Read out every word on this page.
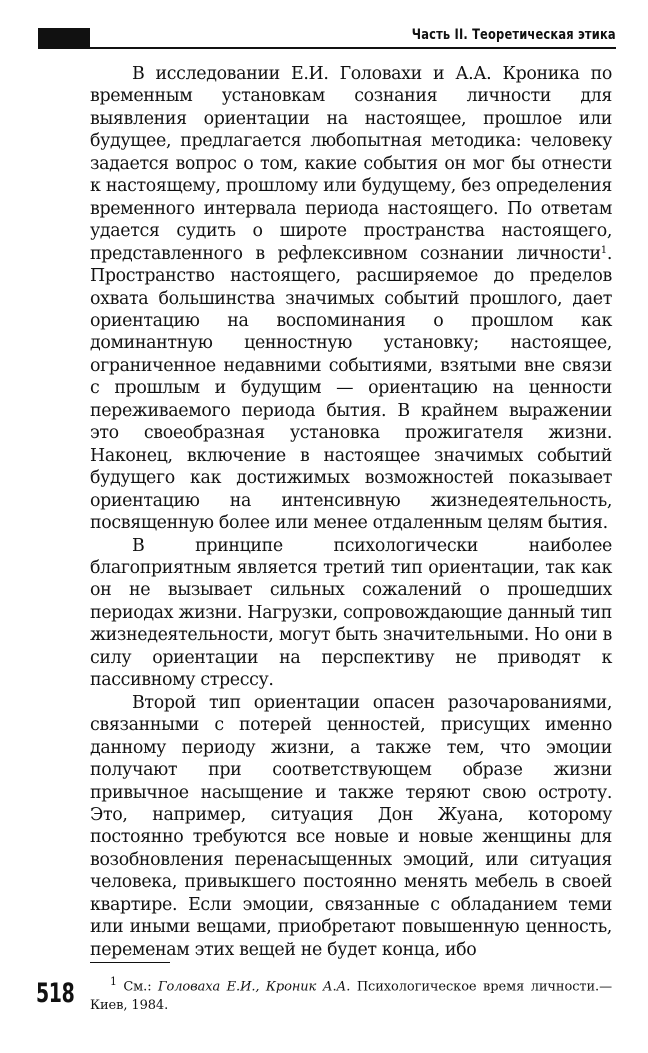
Часть II. Теоретическая этика

В исследовании Е.И. Головахи и А.А. Кроника по временным установкам сознания личности для выявления ориентации на настоящее, прошлое или будущее, предлагается любопытная методика: человеку задается вопрос о том, какие события он мог бы отнести к настоящему, прошлому или будущему, без определения временного интервала периода настоящего. По ответам удается судить о широте пространства настоящего, представленного в рефлексивном сознании личности$^1$. Пространство настоящего, расширяемое до пределов охвата большинства значимых событий прошлого, дает ориентацию на воспоминания о прошлом как доминантную ценностную установку; настоящее, ограниченное недавними событиями, взятыми вне связи с прошлым и будущим — ориентацию на ценности переживаемого периода бытия. В крайнем выражении это своеобразная установка прожигателя жизни. Наконец, включение в настоящее значимых событий будущего как достижимых возможностей показывает ориентацию на интенсивную жизнедеятельность, посвященную более или менее отдаленным целям бытия.

В принципе психологически наиболее благоприятным является третий тип ориентации, так как он не вызывает сильных сожалений о прошедших периодах жизни. Нагрузки, сопровождающие данный тип жизнедеятельности, могут быть значительными. Но они в силу ориентации на перспективу не приводят к пассивному стрессу.

Второй тип ориентации опасен разочарованиями, связанными с потерей ценностей, присущих именно данному периоду жизни, а также тем, что эмоции получают при соответствующем образе жизни привычное насыщение и также теряют свою остроту. Это, например, ситуация Дон Жуана, которому постоянно требуются все новые и новые женщины для возобновления перенасыщенных эмоций, или ситуация человека, привыкшего постоянно менять мебель в своей квартире. Если эмоции, связанные с обладанием теми или иными вещами, приобретают повышенную ценность, переменам этих вещей не будет конца, ибо

518	$^1$ См.: Головаха Е.И., Кроник А.А. Психологическое время личности.— Киев, 1984.
